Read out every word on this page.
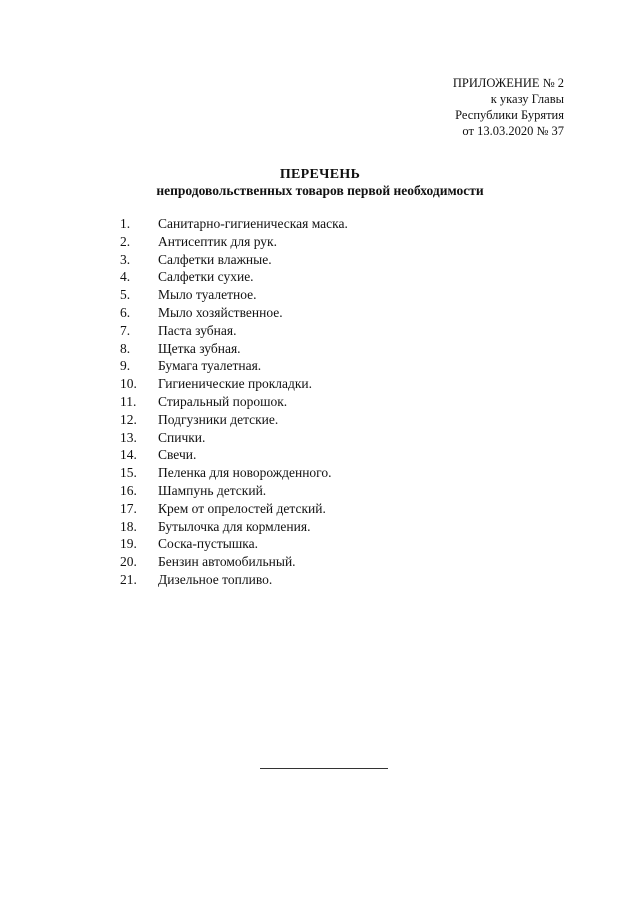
ПРИЛОЖЕНИЕ № 2
к указу Главы
Республики Бурятия
от 13.03.2020 № 37
ПЕРЕЧЕНЬ
непродовольственных товаров первой необходимости
1. Санитарно-гигиеническая маска.
2. Антисептик для рук.
3. Салфетки влажные.
4. Салфетки сухие.
5. Мыло туалетное.
6. Мыло хозяйственное.
7. Паста зубная.
8. Щетка зубная.
9. Бумага туалетная.
10. Гигиенические прокладки.
11. Стиральный порошок.
12. Подгузники детские.
13. Спички.
14. Свечи.
15. Пеленка для новорожденного.
16. Шампунь детский.
17. Крем от опрелостей детский.
18. Бутылочка для кормления.
19. Соска-пустышка.
20. Бензин автомобильный.
21. Дизельное топливо.
